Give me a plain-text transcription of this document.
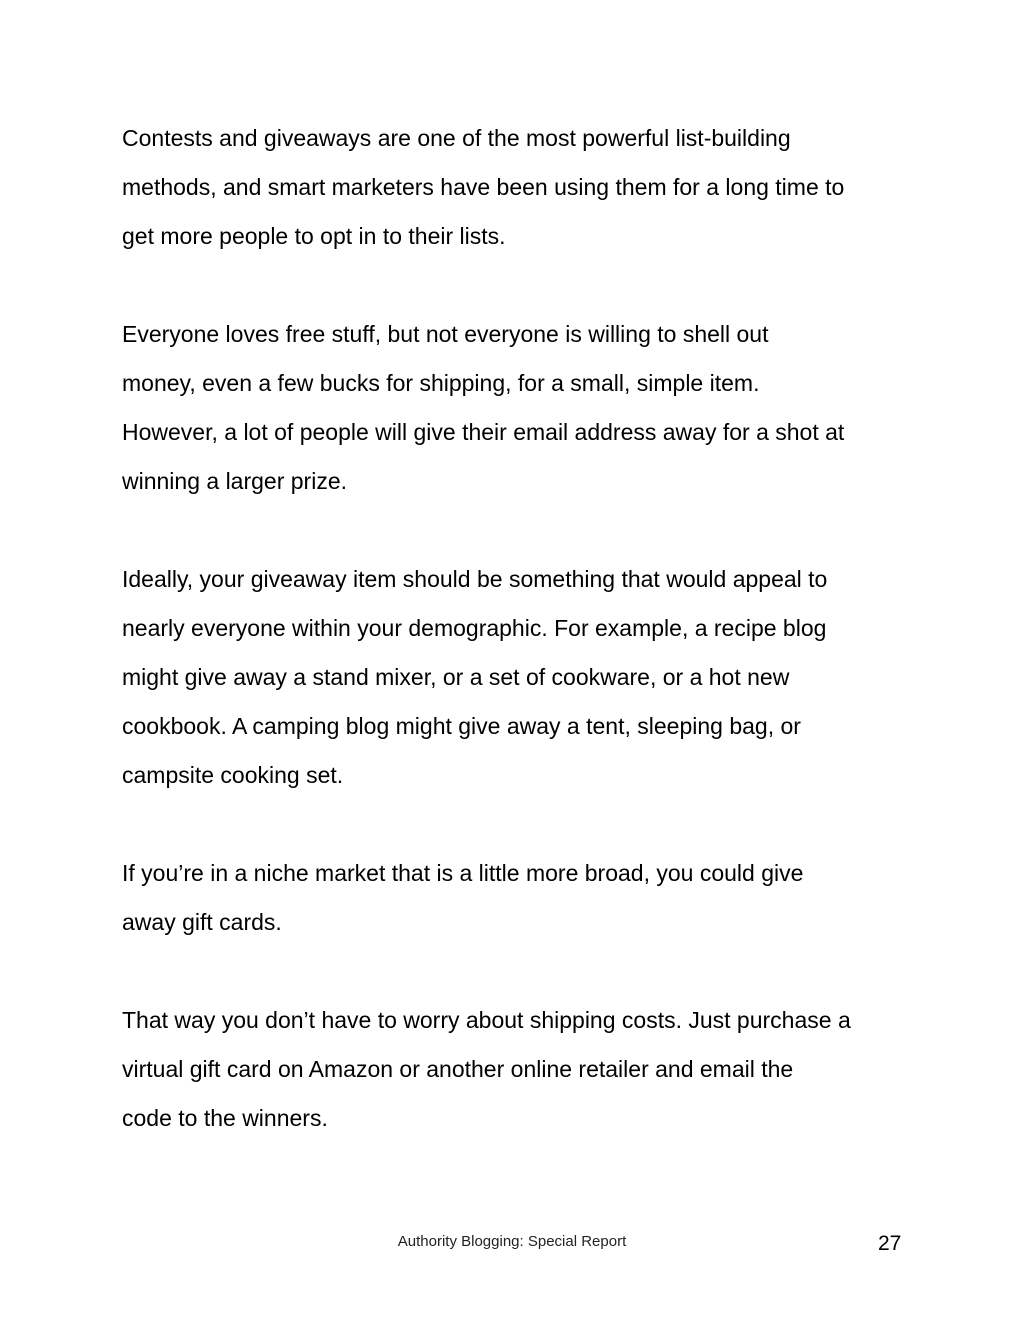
Contests and giveaways are one of the most powerful list-building
methods, and smart marketers have been using them for a long time to
get more people to opt in to their lists.

Everyone loves free stuff, but not everyone is willing to shell out
money, even a few bucks for shipping, for a small, simple item.
However, a lot of people will give their email address away for a shot at
winning a larger prize.

Ideally, your giveaway item should be something that would appeal to
nearly everyone within your demographic. For example, a recipe blog
might give away a stand mixer, or a set of cookware, or a hot new
cookbook. A camping blog might give away a tent, sleeping bag, or
campsite cooking set.

If you’re in a niche market that is a little more broad, you could give
away gift cards.

That way you don’t have to worry about shipping costs. Just purchase a
virtual gift card on Amazon or another online retailer and email the
code to the winners.

Authority Blogging: Special Report	27
